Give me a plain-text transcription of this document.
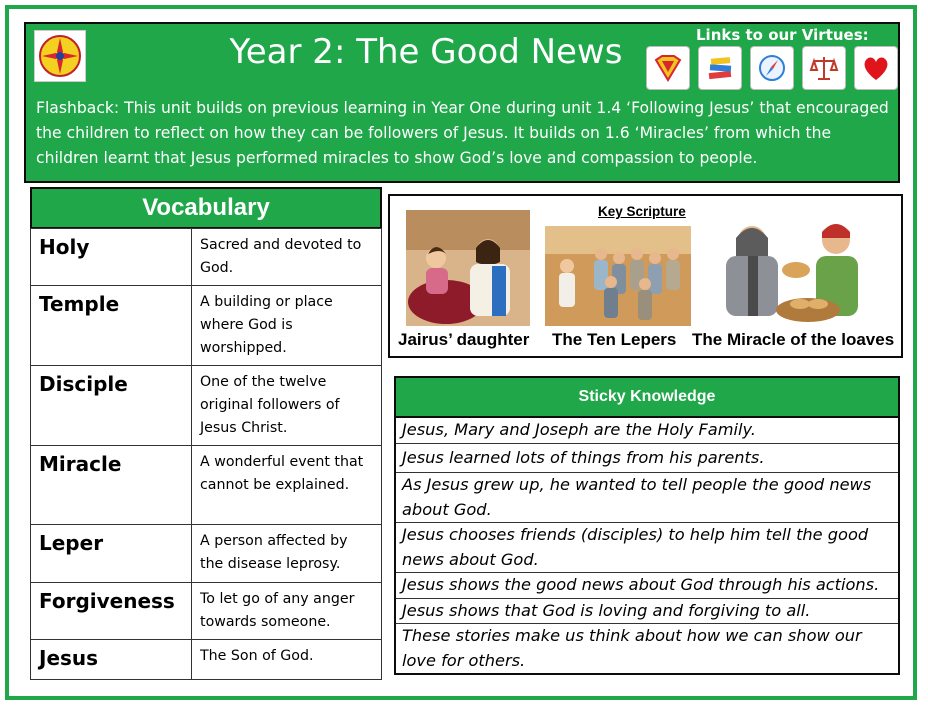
Year 2: The Good News	Links to our Virtues:
Flashback: This unit builds on previous learning in Year One during unit 1.4 ‘Following Jesus’ that encouraged the children to reflect on how they can be followers of Jesus. It builds on 1.6 ‘Miracles’ from which the children learnt that Jesus performed miracles to show God’s love and compassion to people.
Vocabulary
Holy	Sacred and devoted to God.
Temple	A building or place where God is worshipped.
Disciple	One of the twelve original followers of Jesus Christ.
Miracle	A wonderful event that cannot be explained.
Leper	A person affected by the disease leprosy.
Forgiveness	To let go of any anger towards someone.
Jesus	The Son of God.
Key Scripture
Jairus’ daughter The Ten Lepers The Miracle of the loaves
Sticky Knowledge
Jesus, Mary and Joseph are the Holy Family.
Jesus learned lots of things from his parents.
As Jesus grew up, he wanted to tell people the good news about God.
Jesus chooses friends (disciples) to help him tell the good news about God.
Jesus shows the good news about God through his actions.
Jesus shows that God is loving and forgiving to all.
These stories make us think about how we can show our love for others.
